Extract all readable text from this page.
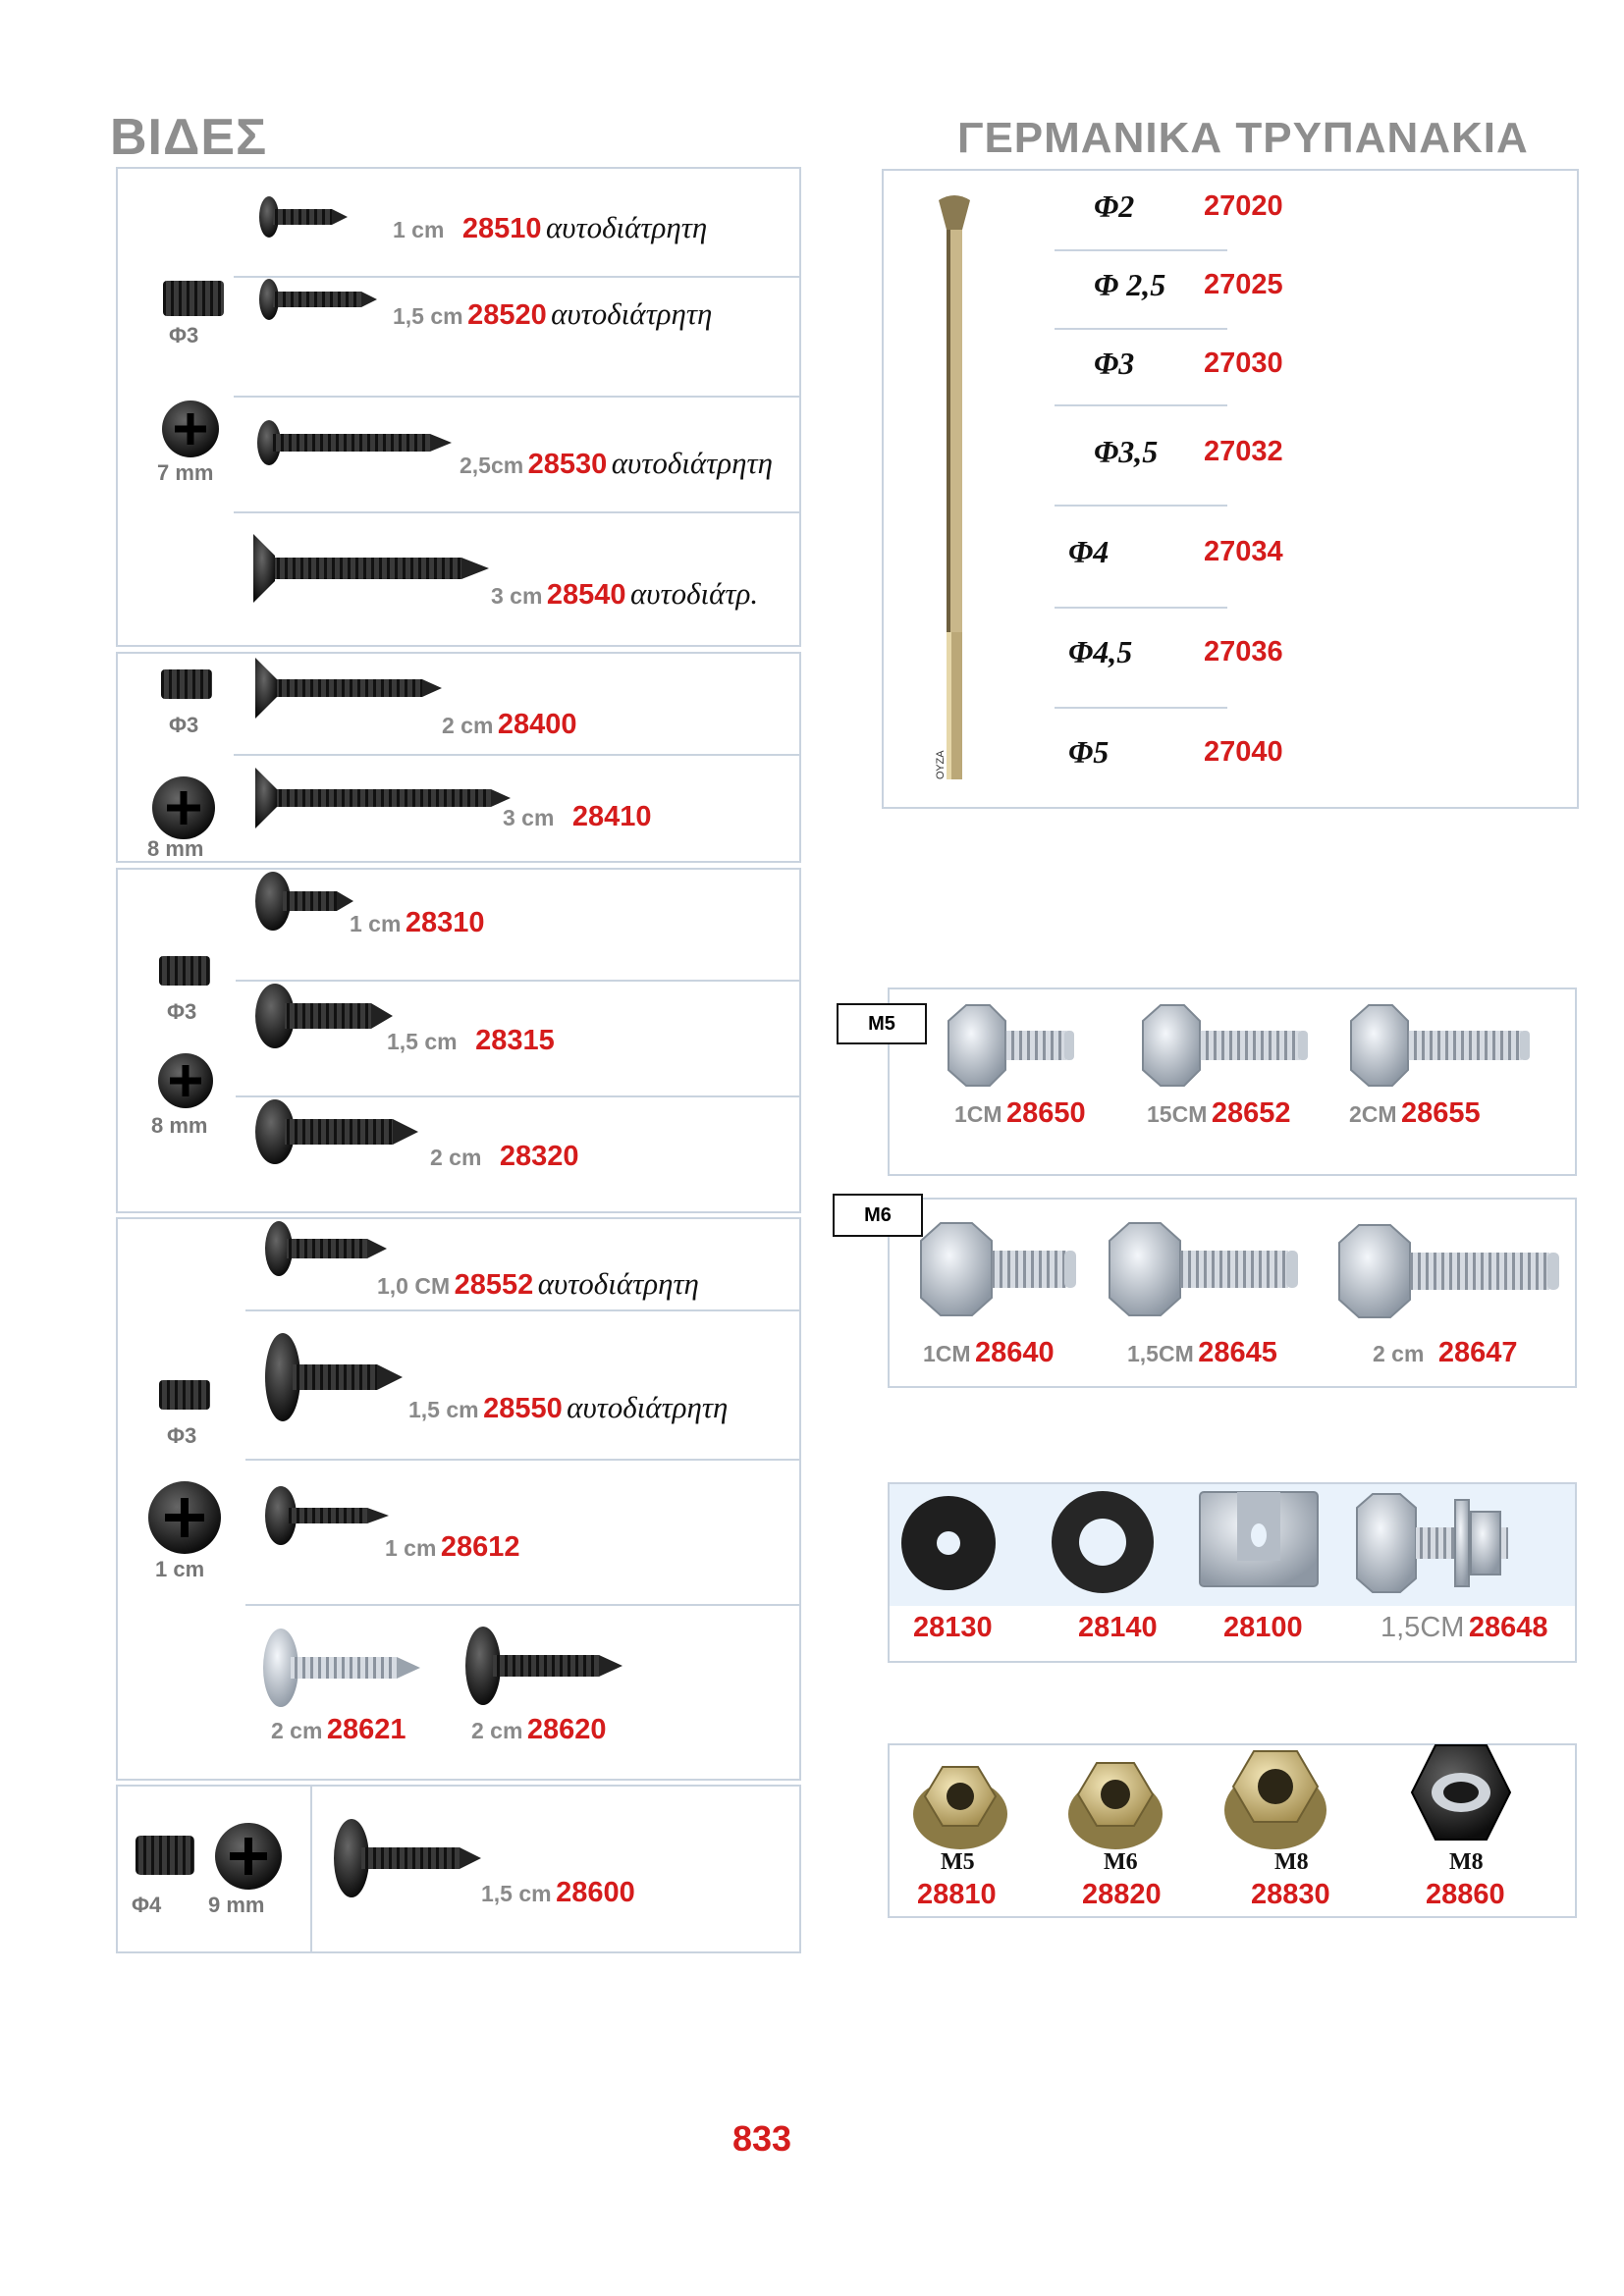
ΒΙΔΕΣ	ΓΕΡΜΑΝΙΚΑ ΤΡΥΠΑΝΑΚΙΑ
Φ3
7 mm
1 cm 28510 αυτοδιάτρητη
1,5 cm 28520 αυτοδιάτρητη
2,5cm 28530 αυτοδιάτρητη
3 cm 28540 αυτοδιάτρ.
Φ3
8 mm
2 cm 28400
3 cm 28410
Φ3
8 mm
1 cm 28310
1,5 cm 28315
2 cm 28320
Φ3
1 cm
1,0 CM 28552 αυτοδιάτρητη
1,5 cm 28550 αυτοδιάτρητη
1 cm 28612
2 cm 28621	2 cm 28620
Φ4 9 mm	1,5 cm 28600
ΟΥΖΑ
Φ2 27020
Φ 2,5 27025
Φ3 27030
Φ3,5 27032
Φ4	27034
Φ4,5	27036
Φ5	27040
M5
1CM 28650	15CM 28652	2CM 28655
M6
1CM 28640	1,5CM 28645	2 cm 28647
28130	28140 28100	1,5CM 28648
M5	M6	M8	M8
28810	28820	28830	28860
833
